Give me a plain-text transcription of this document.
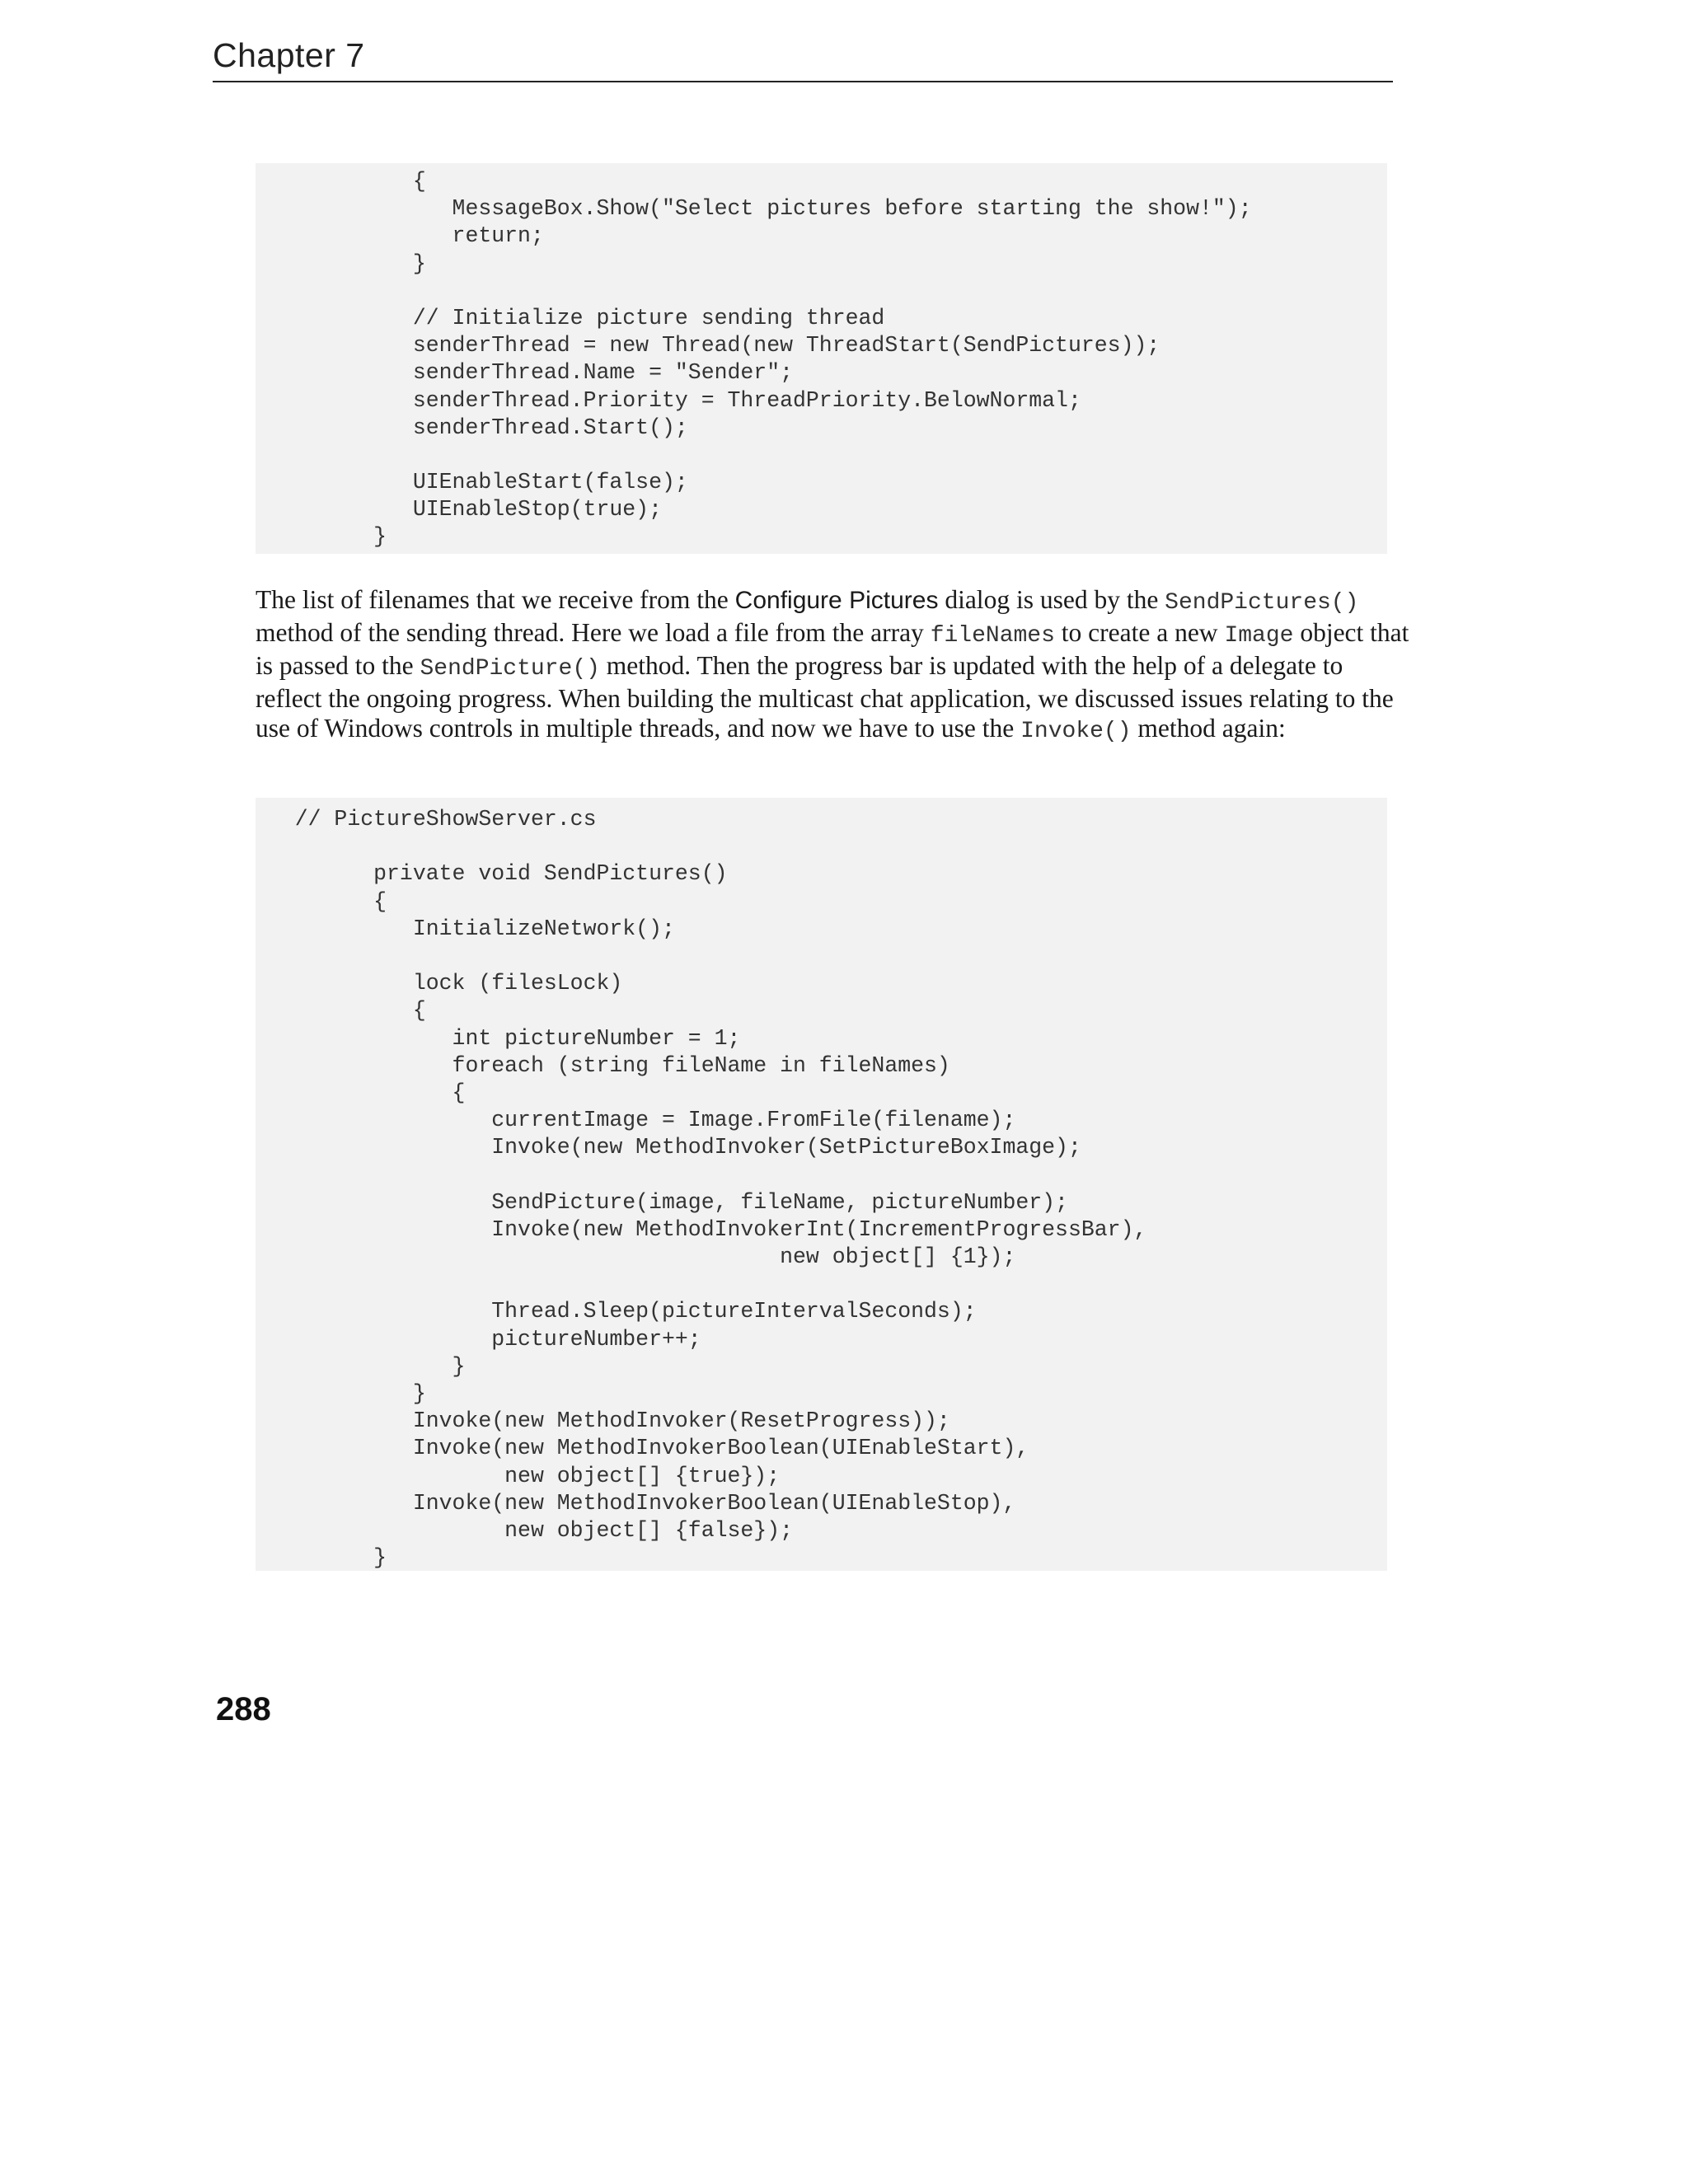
Chapter 7
{
MessageBox.Show("Select pictures before starting the show!");
return;
}
// Initialize picture sending thread
senderThread = new Thread(new ThreadStart(SendPictures));
senderThread.Name = "Sender";
senderThread.Priority = ThreadPriority.BelowNormal;
senderThread.Start();
UIEnableStart(false);
UIEnableStop(true);
}
The list of filenames that we receive from the Configure Pictures dialog is used by the SendPictures() method of the sending thread. Here we load a file from the array fileNames to create a new Image object that is passed to the SendPicture() method. Then the progress bar is updated with the help of a delegate to reflect the ongoing progress. When building the multicast chat application, we discussed issues relating to the use of Windows controls in multiple threads, and now we have to use the Invoke() method again:
// PictureShowServer.cs
private void SendPictures()
{
InitializeNetwork();
lock (filesLock)
{
int pictureNumber = 1;
foreach (string fileName in fileNames)
{
currentImage = Image.FromFile(filename);
Invoke(new MethodInvoker(SetPictureBoxImage);
SendPicture(image, fileName, pictureNumber);
Invoke(new MethodInvokerInt(IncrementProgressBar),
new object[] {1});
Thread.Sleep(pictureIntervalSeconds);
pictureNumber++;
}
}
Invoke(new MethodInvoker(ResetProgress));
Invoke(new MethodInvokerBoolean(UIEnableStart),
new object[] {true});
Invoke(new MethodInvokerBoolean(UIEnableStop),
new object[] {false});
}
288
